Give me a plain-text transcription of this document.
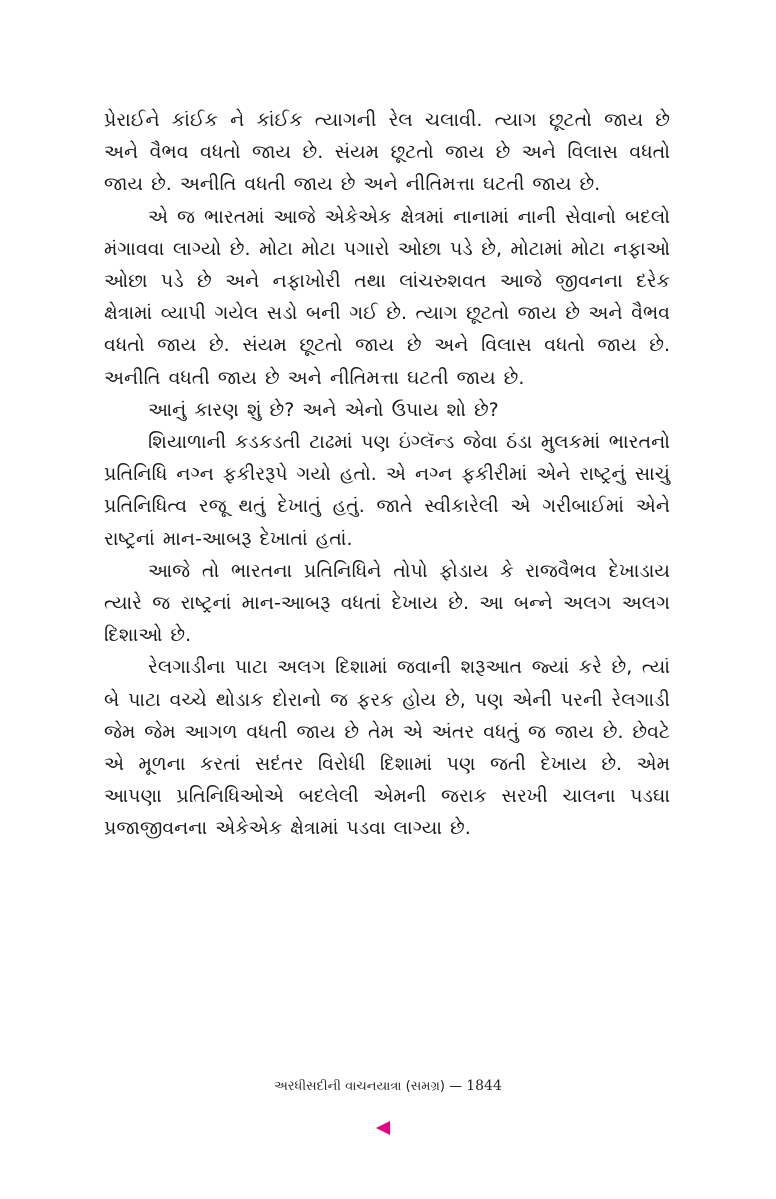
પ્રેરાઈને કાંઈક ને કાંઈક ત્યાગની રેલ ચલાવી. ત્યાગ છૂટતો જાય છે અને વૈભવ વધતો જાય છે. સંયમ છૂટતો જાય છે અને વિલાસ વધતો જાય છે. અનીતિ વધતી જાય છે અને નીતિમત્તા ઘટતી જાય છે.

એ જ ભારતમાં આજે એકેએક ક્ષેત્રમાં નાનામાં નાની સેવાનો બદલો મંગાવવા લાગ્યો છે. મોટા મોટા પગારો ઓછા પડે છે, મોટામાં મોટા નફાઓ ઓછા પડે છે અને નફાખોરી તથા લાંચરુશવત આજે જીવનના દરેક ક્ષેત્રામાં વ્યાપી ગયેલ સડો બની ગઈ છે. ત્યાગ છૂટતો જાય છે અને વૈભવ વધતો જાય છે. સંયમ છૂટતો જાય છે અને વિલાસ વધતો જાય છે. અનીતિ વધતી જાય છે અને નીતિમત્તા ઘટતી જાય છે.

આનું કારણ શું છે? અને એનો ઉપાય શો છે?

શિયાળાની કડકડતી ટાઢમાં પણ ઇંગ્લૅન્ડ જેવા ઠંડા મુલકમાં ભારતનો પ્રતિનિધિ નગ્ન ફકીરરૂપે ગયો હતો. એ નગ્ન ફકીરીમાં એને રાષ્ટ્રનું સાચું પ્રતિનિધિત્વ રજૂ થતું દેખાતું હતું. જાતે સ્વીકારેલી એ ગરીબાઈમાં એને રાષ્ટ્રનાં માન-આબરૂ દેખાતાં હતાં.

આજે તો ભારતના પ્રતિનિધિને તોપો ફોડાય કે રાજવૈભવ દેખાડાય ત્યારે જ રાષ્ટ્રનાં માન-આબરૂ વધતાં દેખાય છે. આ બન્ને અલગ અલગ દિશાઓ છે.

રેલગાડીના પાટા અલગ દિશામાં જવાની શરૂઆત જ્યાં કરે છે, ત્યાં બે પાટા વચ્ચે થોડાક દોરાનો જ ફરક હોય છે, પણ એની પરની રેલગાડી જેમ જેમ આગળ વધતી જાય છે તેમ એ અંતર વધતું જ જાય છે. છેવટે એ મૂળના કરતાં સદંતર વિરોધી દિશામાં પણ જતી દેખાય છે. એમ આપણા પ્રતિનિધિઓએ બદલેલી એમની જરાક સરખી ચાલના પડઘા પ્રજાજીવનના એકેએક ક્ષેત્રામાં પડવા લાગ્યા છે.

અરધીસદીની વાચનયાત્રા (સમગ્ર) — 1844
